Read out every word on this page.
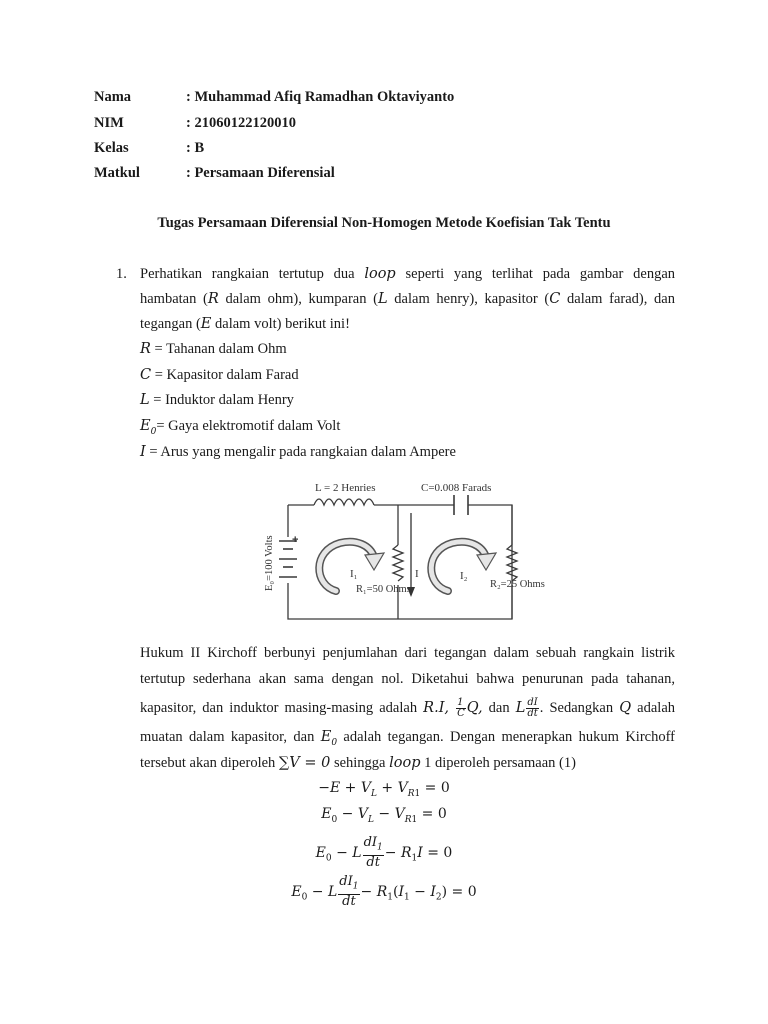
Nama	: Muhammad Afiq Ramadhan Oktaviyanto
NIM	: 21060122120010
Kelas	: B
Matkul	: Persamaan Diferensial
Tugas Persamaan Diferensial Non-Homogen Metode Koefisian Tak Tentu
1. Perhatikan rangkaian tertutup dua loop seperti yang terlihat pada gambar dengan
hambatan (R dalam ohm), kumparan (L dalam henry), kapasitor (C dalam farad), dan
tegangan (E dalam volt) berikut ini!
R = Tahanan dalam Ohm
C = Kapasitor dalam Farad
L = Induktor dalam Henry
$E_0=$ Gaya elektromotif dalam Volt
I = Arus yang mengalir pada rangkaian dalam Ampere
L = 2 Henries	C=0.008 Farads
+
E₀=100 Volts	I₁	I	I₂
R₁=50 Ohms	R₂=25 Ohms
Hukum II Kirchoff berbunyi penjumlahan dari tegangan dalam sebuah rangkain listrik
tertutup sederhana akan sama dengan nol. Diketahui bahwa penurunan pada tahanan,
kapasitor, dan induktor masing-masing adalah R.I, $\frac{1}{C} Q$, dan L $\frac{dI}{dt}$ . Sedangkan Q adalah
muatan dalam kapasitor, dan $E_0$ adalah tegangan. Dengan menerapkan hukum Kirchoff
tersebut akan diperoleh ∑V = 0 sehingga loop 1 diperoleh persamaan (1)
$-E + V_L + V_{R1} = 0$
$E_0 - V_L - V_{R1} = 0$
$E_0 - L \frac{dI_1}{dt} - R_1I = 0$
$E_0 - L \frac{dI_1}{dt} - R_1(I_1 - I_2) = 0$
